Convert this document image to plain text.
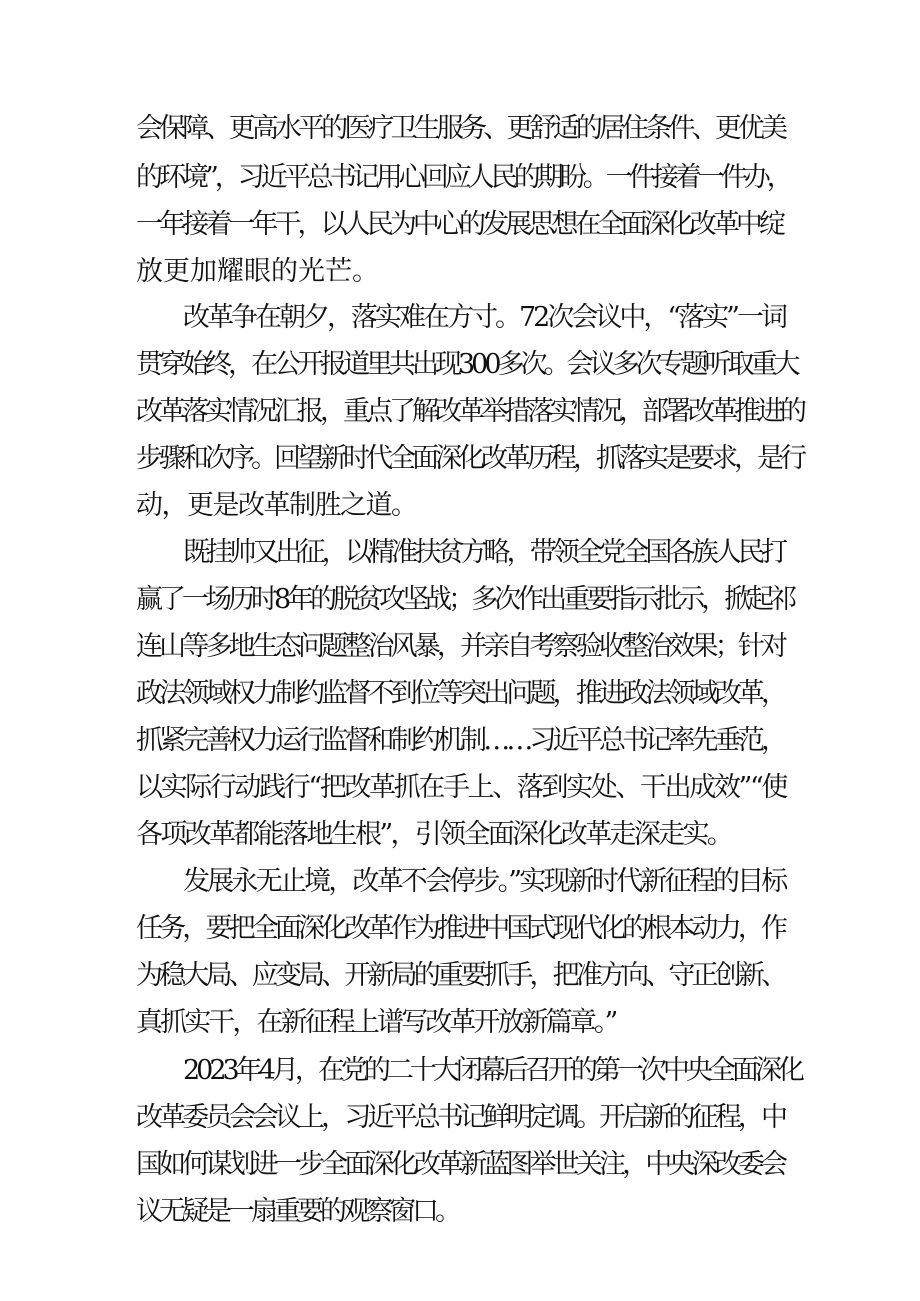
会保障、更高水平的医疗卫生服务、更舒适的居住条件、更优美
的环境”，习近平总书记用心回应人民的期盼。一件接着一件办，
一年接着一年干，以人民为中心的发展思想在全面深化改革中绽
放更加耀眼的光芒。
改革争在朝夕，落实难在方寸。72次会议中，“落实”一词
贯穿始终，在公开报道里共出现300多次。会议多次专题听取重大
改革落实情况汇报，重点了解改革举措落实情况，部署改革推进的
步骤和次序。回望新时代全面深化改革历程，抓落实是要求，是行
动，更是改革制胜之道。
既挂帅又出征，以精准扶贫方略，带领全党全国各族人民打
赢了一场历时8年的脱贫攻坚战；多次作出重要指示批示，掀起祁
连山等多地生态问题整治风暴，并亲自考察验收整治效果；针对
政法领域权力制约监督不到位等突出问题，推进政法领域改革，
抓紧完善权力运行监督和制约机制……习近平总书记率先垂范，
以实际行动践行“把改革抓在手上、落到实处、干出成效”“使
各项改革都能落地生根”，引领全面深化改革走深走实。
发展永无止境，改革不会停步。”实现新时代新征程的目标
任务，要把全面深化改革作为推进中国式现代化的根本动力，作
为稳大局、应变局、开新局的重要抓手，把准方向、守正创新、
真抓实干，在新征程上谱写改革开放新篇章。”
2023年4月，在党的二十大闭幕后召开的第一次中央全面深化
改革委员会会议上，习近平总书记鲜明定调。开启新的征程，中
国如何谋划进一步全面深化改革新蓝图举世关注，中央深改委会
议无疑是一扇重要的观察窗口。
